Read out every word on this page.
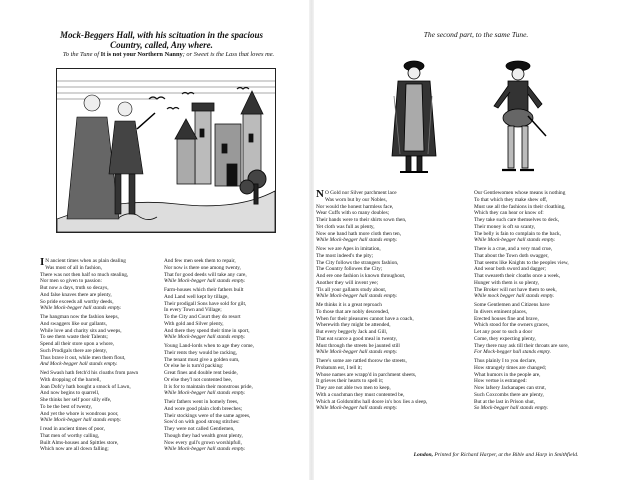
Mock-Beggers Hall, with his scituation in the spacious
Country, called, Any where.
To the Tune of It is not your Northern Nanny; or Sweet is the Lass that loves me.

I N ancient times when as plain dealing
Was most of all in fashion,
There was not then half so much stealing,
Nor men so given to passion:
But now a days, truth so decays,
And false knaves there are plenty,
So pride exceeds all worthy deeds,
While Mock-begger hall stands empty.

The hangman now the fashion keeps,
And swaggers like our gallants,
While love and charity sits and weeps,
To see them waste their Talents;
Spend all their store upon a whore,
Such Prodigals there are plenty,
Thus brave it out, while men them flout,
And Mock-begger hall stands empty.

Ned Swash hath fetch'd his cloaths from pawn
With dropping of the barrell,
Joan Dofs'y hath bought a smock of Lawn,
And now begins to quarrell,
She thinks her self poor silly elfe,
To be the best of twenty,
And yet the whore is wondrous poor,
While Mock-begger hall stands empty.

I read in ancient times of poor,
That men of worthy calling,
Built Alms-houses and Spittles store,
Which now are all down falling;

And few men seek them to repair,
Nor now is there one among twenty,
That for good deeds will take any care,
While Mock-begger hall stands empty.

Farm-houses which their fathers built
And Land well kept by tillage,
Their prodigall Sons have sold for gilt,
In every Town and Village;
To the City and Court they do resort
With gold and Silver plenty,
And there they spend their time in sport,
While Mock-begger hall stands empty.

Young Land-lords when to age they come,
Their rents they would be racking,
The tenant must give a golden sum,
Or else he is turn'd packing:
Great fines and double rent beside,
Or else they'l not contented bee,
It is for to maintain their monstrous pride,
While Mock-begger hall stands empty.

Their fathers went in homely frees,
And wore good plain cloth breeches;
Their stockings were of the same agrees,
Sow'd on with good strong stitches:
They were not called Gentlemen,
Though they had wealth great plenty,
Now every gull's grown worshipfull,
While Mock-begger hall stands empty.

The second part, to the same Tune.

N O Gold nor Silver parchment lace
Was worn but by our Nobles,
Nor would the honest harmless face,
Wear Cuffs with so many doubles;
Their bands were to their shirts sown then,
Yet cloth was full as plenty,
Now one band hath more cloth then ten,
While Mock-begger hall stands empty.

Now we are Apes in imitation,
The most indeed's the pity;
The City follows the strangers fashion,
The Country followes the City;
And ere one fashion is known throughout,
Another they will invent yee;
'Tis all your gallants study about,
While Mock-begger hall stands empty.

Me thinks it is a great reproach
To those that are nobly descended,
When for their pleasures cannot have a coach,
Wherewith they might be attended,
But every beggerly Jack and Gill,
That eat scarce a good meal in twenty,
Must through the streets be jaunted still
While Mock-begger hall stands empty.

There's some are rattled thorow the streets,
Probatum est, I tell it;
Whose names are wrapp'd in parchment sheets,
It grieves their hearts to spell it;
They are not able two men to keep,
With a coachman they must contented be,
Which at Goldsmiths hall doore in's box lies a sleep,
While Mock-begger hall stands empty.

Our Gentlewomen whose means is nothing
To that which they make shew off,
Must use all the fashions in their cloathing,
Which they can hear or know of:
They take such care themselves to deck,
Their money is oft so scanty,
The belly is fain to complain to the back,
While Mock-begger hall stands empty.

There is a crue, and a very mad crue,
That about the Town doth swagger,
That seems like Knights to the peoples view,
And wear both sword and dagger;
That sweareth their cloaths once a week,
Hunger with them is so plenty,
The Broker will not have them to seek,
While mock begger hall stands empty.

Some Gentlemen and Citizens have
In divers eminent places,
Erected houses fine and brave,
Which stood for the owners graces,
Let any poor to such a door
Come, they expecting plenty,
They there may ask till their throats are sore,
For Mock-begger hall stands empty.

Thus plainly I to you declare,
How strangely times are changed;
What humors in the people are,
How vertue is estranged:
Now lafsery Jackanapes can strut,
Such Coxcombs there are plenty,
But at the last in Prison shut,
So Mock-begger hall stands empty.

London, Printed for Richard Harper, at the Bible and Harp in Smithfield.
